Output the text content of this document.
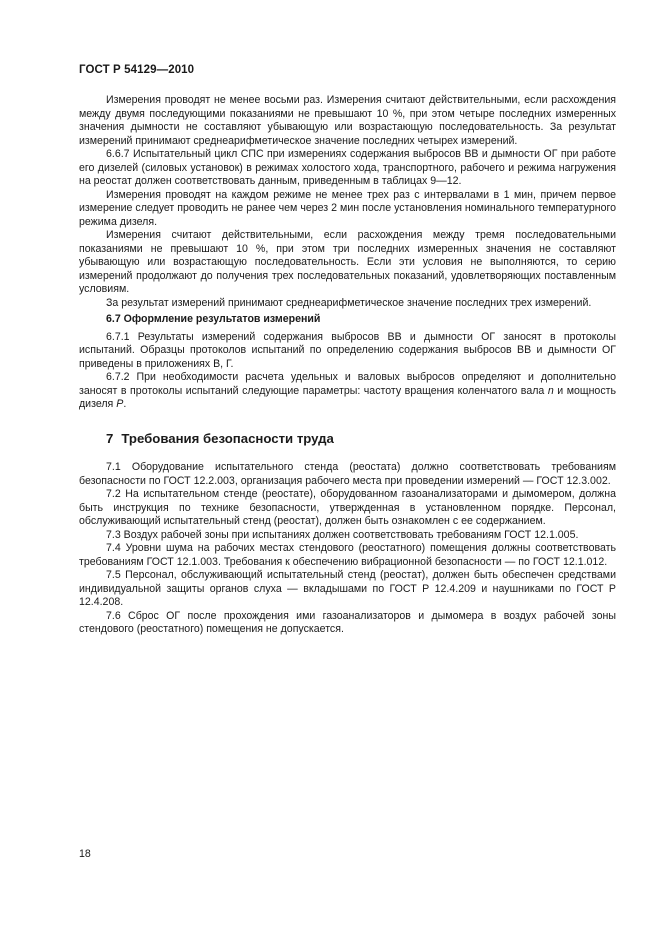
ГОСТ Р 54129—2010

Измерения проводят не менее восьми раз. Измерения считают действительными, если расхождения между двумя последующими показаниями не превышают 10 %, при этом четыре последних измеренных значения дымности не составляют убывающую или возрастающую последовательность. За результат измерений принимают среднеарифметическое значение последних четырех измерений.

6.6.7 Испытательный цикл СПС при измерениях содержания выбросов ВВ и дымности ОГ при работе его дизелей (силовых установок) в режимах холостого хода, транспортного, рабочего и режима нагружения на реостат должен соответствовать данным, приведенным в таблицах 9—12.

Измерения проводят на каждом режиме не менее трех раз с интервалами в 1 мин, причем первое измерение следует проводить не ранее чем через 2 мин после установления номинального температурного режима дизеля.

Измерения считают действительными, если расхождения между тремя последовательными показаниями не превышают 10 %, при этом три последних измеренных значения не составляют убывающую или возрастающую последовательность. Если эти условия не выполняются, то серию измерений продолжают до получения трех последовательных показаний, удовлетворяющих поставленным условиям.

За результат измерений принимают среднеарифметическое значение последних трех измерений.

6.7 Оформление результатов измерений

6.7.1 Результаты измерений содержания выбросов ВВ и дымности ОГ заносят в протоколы испытаний. Образцы протоколов испытаний по определению содержания выбросов ВВ и дымности ОГ приведены в приложениях В, Г.

6.7.2 При необходимости расчета удельных и валовых выбросов определяют и дополнительно заносят в протоколы испытаний следующие параметры: частоту вращения коленчатого вала n и мощность дизеля P.

7 Требования безопасности труда

7.1 Оборудование испытательного стенда (реостата) должно соответствовать требованиям безопасности по ГОСТ 12.2.003, организация рабочего места при проведении измерений — ГОСТ 12.3.002.

7.2 На испытательном стенде (реостате), оборудованном газоанализаторами и дымомером, должна быть инструкция по технике безопасности, утвержденная в установленном порядке. Персонал, обслуживающий испытательный стенд (реостат), должен быть ознакомлен с ее содержанием.

7.3 Воздух рабочей зоны при испытаниях должен соответствовать требованиям ГОСТ 12.1.005.

7.4 Уровни шума на рабочих местах стендового (реостатного) помещения должны соответствовать требованиям ГОСТ 12.1.003. Требования к обеспечению вибрационной безопасности — по ГОСТ 12.1.012.

7.5 Персонал, обслуживающий испытательный стенд (реостат), должен быть обеспечен средствами индивидуальной защиты органов слуха — вкладышами по ГОСТ Р 12.4.209 и наушниками по ГОСТ Р 12.4.208.

7.6 Сброс ОГ после прохождения ими газоанализаторов и дымомера в воздух рабочей зоны стендового (реостатного) помещения не допускается.

18
